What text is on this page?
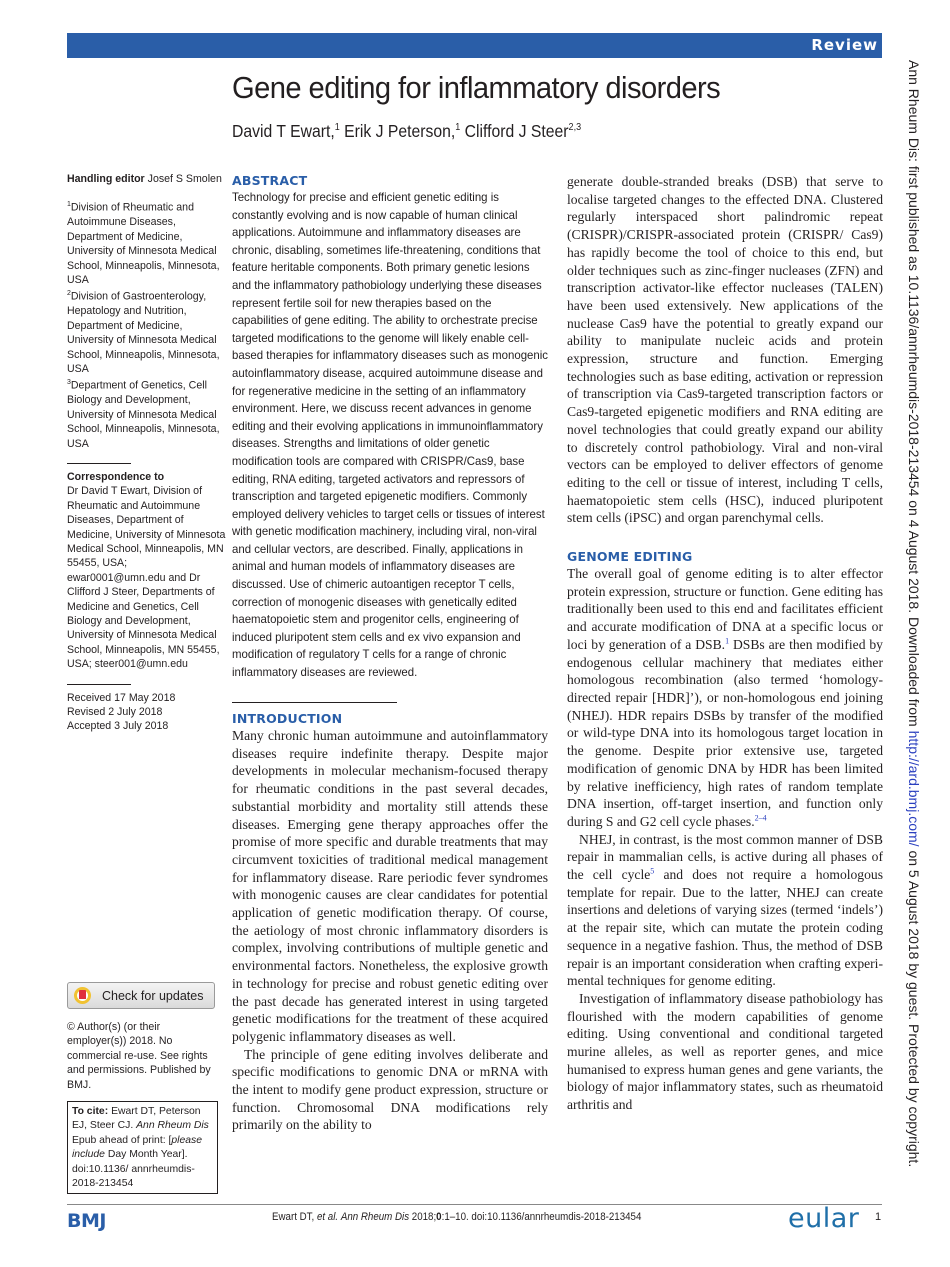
Review
Gene editing for inflammatory disorders
David T Ewart,$^1$ Erik J Peterson,$^1$ Clifford J Steer$^{2,3}$

Handling editor Josef S Smolen

$^1$Division of Rheumatic and Autoimmune Diseases, Department of Medicine, University of Minnesota Medical School, Minneapolis, Minnesota, USA

$^2$Division of Gastroenterology, Hepatology and Nutrition, Department of Medicine, University of Minnesota Medical School, Minneapolis, Minnesota, USA

$^3$Department of Genetics, Cell Biology and Development, University of Minnesota Medical School, Minneapolis, Minnesota, USA

Correspondence to
Dr David T Ewart, Division of Rheumatic and Autoimmune Diseases, Department of Medicine, University of Minnesota Medical School, Minneapolis, MN 55455, USA; ewar0001@umn.edu and Dr Clifford J Steer, Departments of Medicine and Genetics, Cell Biology and Development, University of Minnesota Medical School, Minneapolis, MN 55455, USA; steer001@umn.edu

Received 17 May 2018

Revised 2 July 2018

Accepted 3 July 2018

Check for updates
© Author(s) (or their employer(s)) 2018. No commercial re-use. See rights and permissions. Published by BMJ.

To cite: Ewart DT, Peterson EJ, Steer CJ. Ann Rheum Dis Epub ahead of print: [please include Day Month Year]. doi:10.1136/ annrheumdis-2018-213454

ABSTRACT
Technology for precise and efficient genetic editing is constantly evolving and is now capable of human clinical applications. Autoimmune and inflammatory diseases are chronic, disabling, sometimes life-threatening, conditions that feature heritable components. Both primary genetic lesions and the inflammatory pathobiology underlying these diseases represent fertile soil for new therapies based on the capabilities of gene editing. The ability to orchestrate precise targeted modifications to the genome will likely enable cell-based therapies for inflammatory diseases such as monogenic autoinflammatory disease, acquired autoimmune disease and for regenerative medicine in the setting of an inflammatory environment. Here, we discuss recent advances in genome editing and their evolving applications in immunoinflammatory diseases. Strengths and limitations of older genetic modification tools are compared with CRISPR/Cas9, base editing, RNA editing, targeted activators and repressors of transcription and targeted epigenetic modifiers. Commonly employed delivery vehicles to target cells or tissues of interest with genetic modification machinery, including viral, non-viral and cellular vectors, are described. Finally, applications in animal and human models of inflammatory diseases are discussed. Use of chimeric autoantigen receptor T cells, correction of monogenic diseases with genetically edited haematopoietic stem and progenitor cells, engineering of induced pluripotent stem cells and ex vivo expansion and modification of regulatory T cells for a range of chronic inflammatory diseases are reviewed.
INTRODUCTION

Many chronic human autoimmune and autoinflammatory diseases require indefinite therapy. Despite major developments in molecular mechanism-focused therapy for rheumatic conditions in the past several decades, substantial morbidity and mortality still attends these diseases. Emerging gene therapy approaches offer the promise of more specific and durable treatments that may circumvent toxicities of traditional medical management for inflammatory disease. Rare periodic fever syndromes with monogenic causes are clear candidates for potential application of genetic modification therapy. Of course, the aetiology of most chronic inflammatory disorders is complex, involving contributions of multiple genetic and environmental factors. Nonetheless, the explosive growth in technology for precise and robust genetic editing over the past decade has generated interest in using targeted genetic modifications for the treatment of these acquired polygenic inflammatory diseases as well.

The principle of gene editing involves deliberate and specific modifications to genomic DNA or mRNA with the intent to modify gene product expression, structure or function. Chromosomal DNA modifications rely primarily on the ability to

generate double-stranded breaks (DSB) that serve to localise targeted changes to the effected DNA. Clustered regularly interspaced short palindromic repeat (CRISPR)/CRISPR-associated protein (CRISPR/ Cas9) has rapidly become the tool of choice to this end, but older techniques such as zinc-finger nucleases (ZFN) and transcription activator-like effector nucleases (TALEN) have been used extensively. New applications of the nuclease Cas9 have the potential to greatly expand our ability to manipulate nucleic acids and protein expression, structure and function. Emerging technologies such as base editing, activation or repression of transcription via Cas9-targeted transcription factors or Cas9-targeted epigenetic modifiers and RNA editing are novel technologies that could greatly expand our ability to discretely control pathobiology. Viral and non-viral vectors can be employed to deliver effectors of genome editing to the cell or tissue of interest, including T cells, haematopoietic stem cells (HSC), induced pluripotent stem cells (iPSC) and organ parenchymal cells.

GENOME EDITING

The overall goal of genome editing is to alter effector protein expression, structure or function. Gene editing has traditionally been used to this end and facilitates efficient and accurate modification of DNA at a specific locus or loci by generation of a DSB.$^1$ DSBs are then modified by endogenous cellular machinery that mediates either homologous recombination (also termed ‘homology-directed repair [HDR]’), or non-homologous end joining (NHEJ). HDR repairs DSBs by transfer of the modified or wild-type DNA into its homologous target location in the genome. Despite prior extensive use, targeted modification of genomic DNA by HDR has been limited by relative inefficiency, high rates of random template DNA insertion, off-target insertion, and function only during S and G2 cell cycle phases.$^{2-4}$

NHEJ, in contrast, is the most common manner of DSB repair in mammalian cells, is active during all phases of the cell cycle$^5$ and does not require a homologous template for repair. Due to the latter, NHEJ can create insertions and deletions of varying sizes (termed ‘indels’) at the repair site, which can mutate the protein coding sequence in a negative fashion. Thus, the method of DSB repair is an important consideration when crafting experimental techniques for genome editing.

Investigation of inflammatory disease pathobiology has flourished with the modern capabilities of genome editing. Using conventional and conditional targeted murine alleles, as well as reporter genes, and mice humanised to express human genes and gene variants, the biology of major inflammatory states, such as rheumatoid arthritis and

BMJ	Ewart DT, et al. Ann Rheum Dis 2018;0:1–10. doi:10.1136/annrheumdis-2018-213454	eular 1
Ann Rheum Dis: first published as 10.1136/annrheumdis-2018-213454 on 4 August 2018. Downloaded from http://ard.bmj.com/ on 5 August 2018 by guest. Protected by copyright.
